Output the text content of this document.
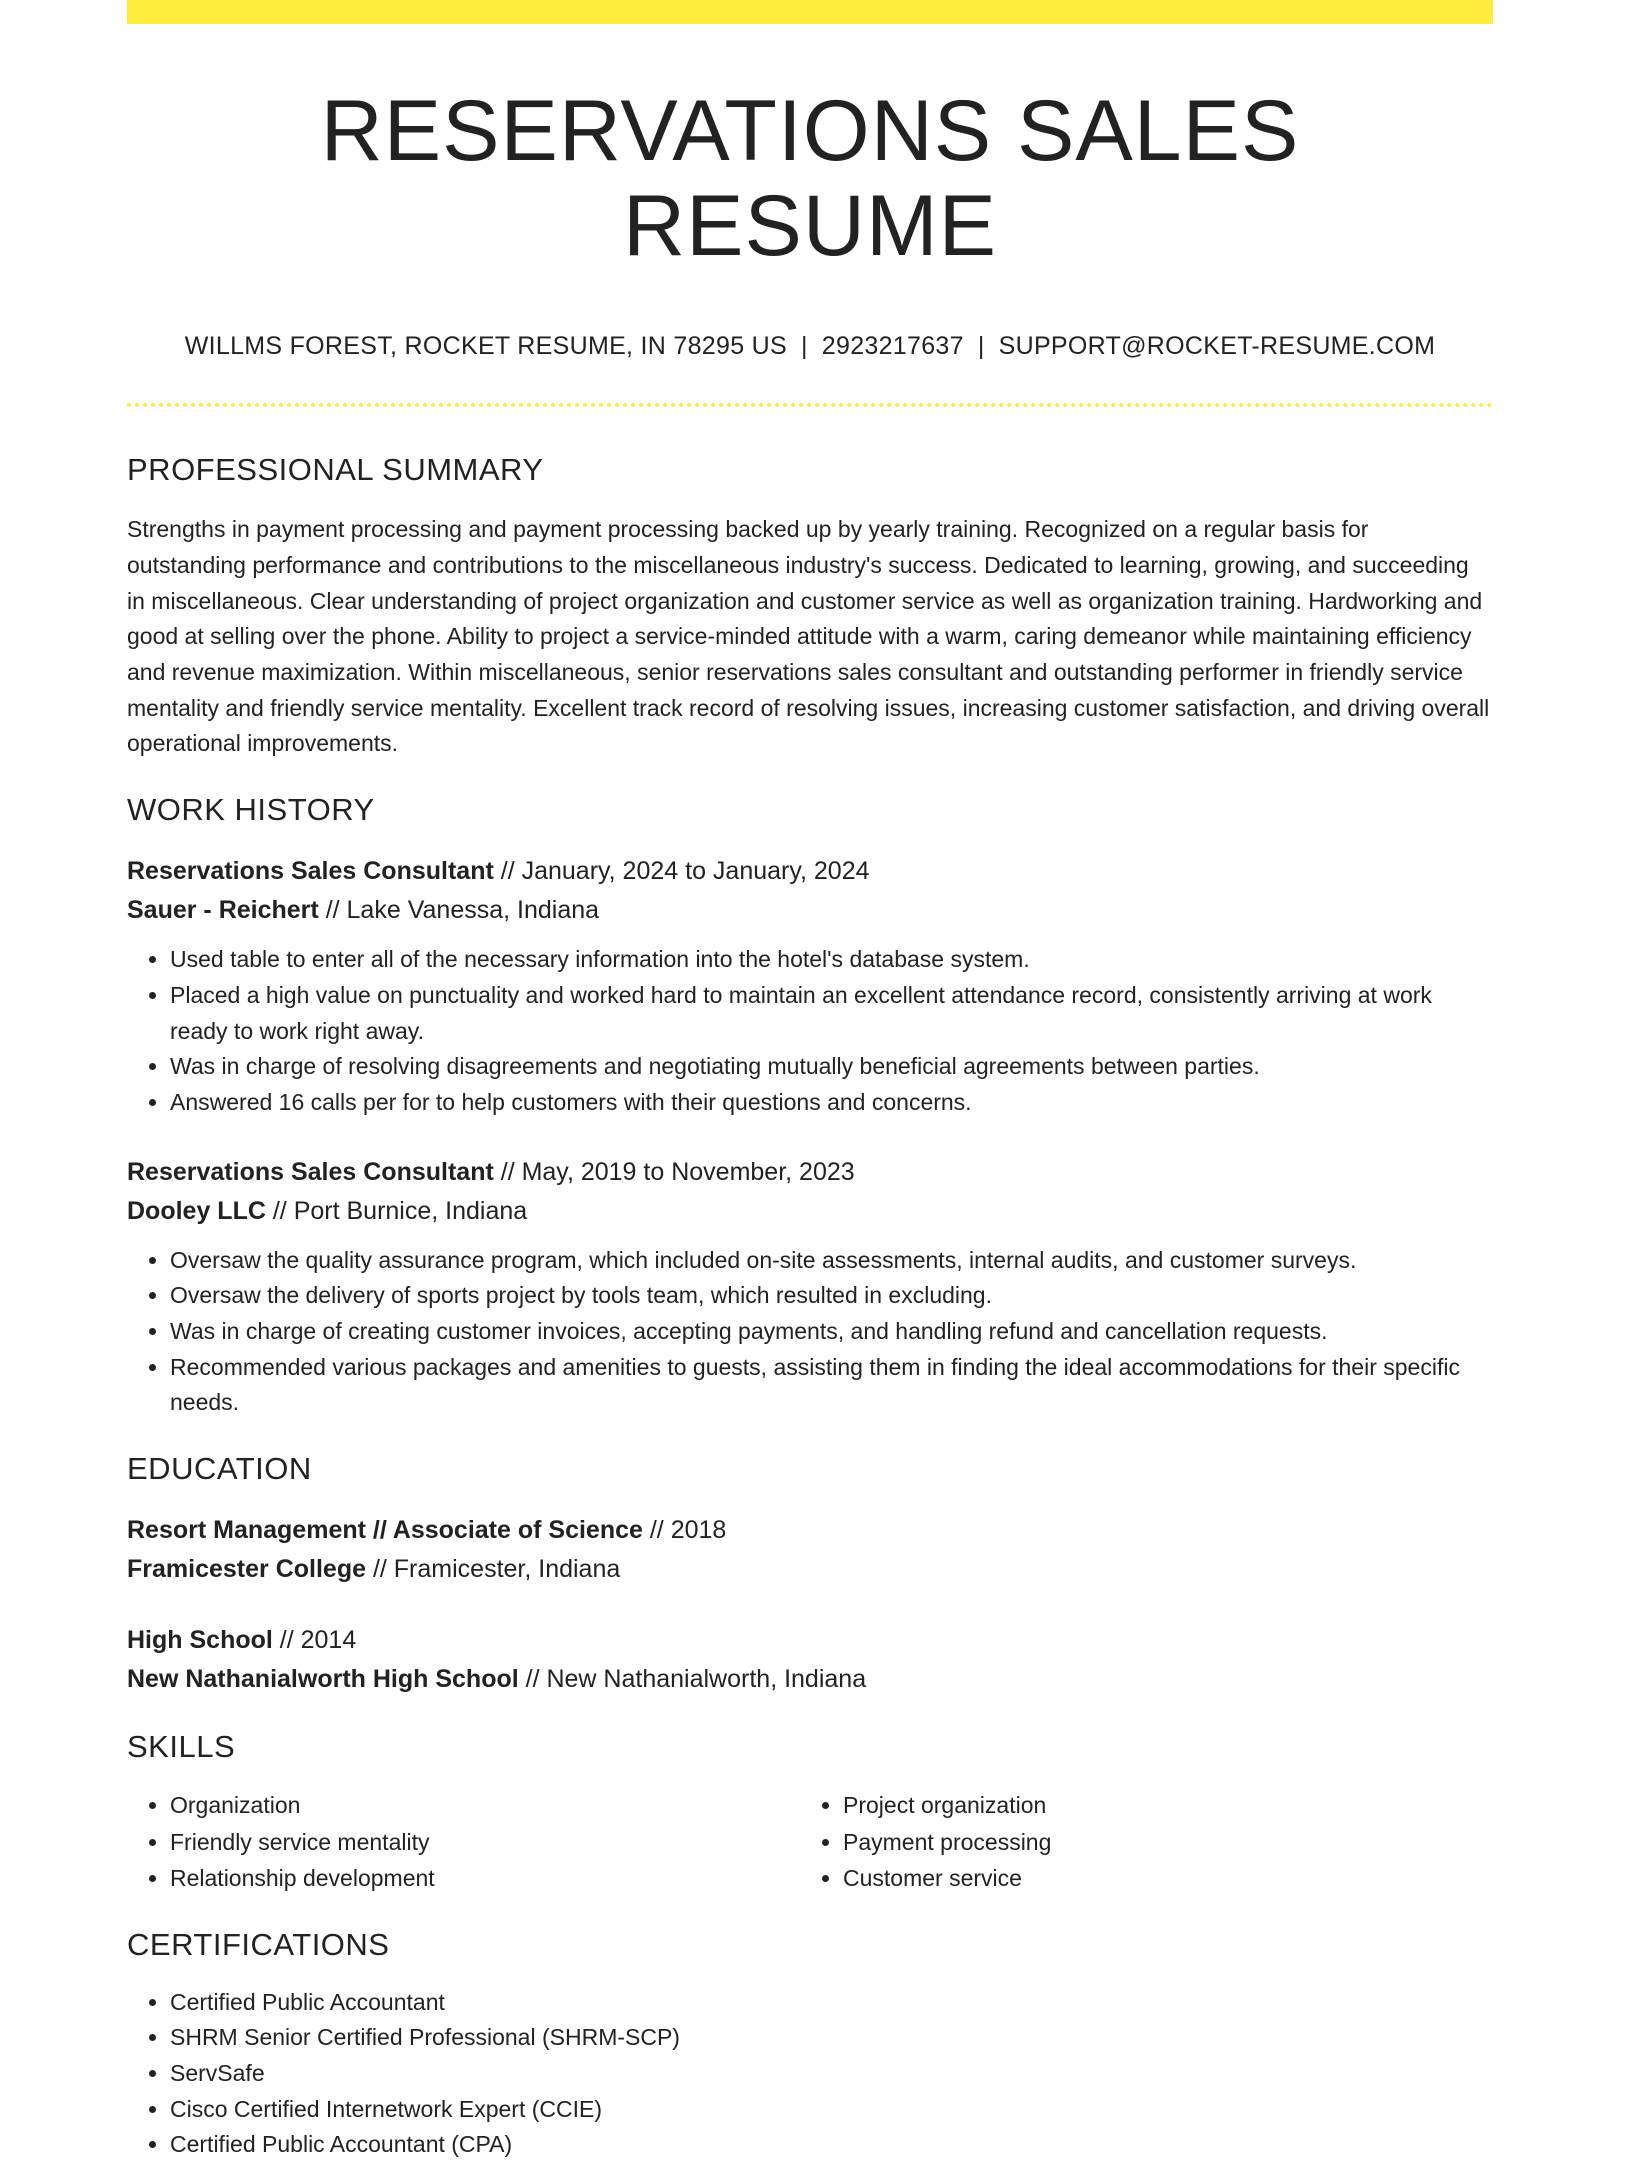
RESERVATIONS SALES RESUME
WILLMS FOREST, ROCKET RESUME, IN 78295 US | 2923217637 | SUPPORT@ROCKET-RESUME.COM
PROFESSIONAL SUMMARY

Strengths in payment processing and payment processing backed up by yearly training. Recognized on a regular basis for outstanding performance and contributions to the miscellaneous industry's success. Dedicated to learning, growing, and succeeding in miscellaneous. Clear understanding of project organization and customer service as well as organization training. Hardworking and good at selling over the phone. Ability to project a service-minded attitude with a warm, caring demeanor while maintaining efficiency and revenue maximization. Within miscellaneous, senior reservations sales consultant and outstanding performer in friendly service mentality and friendly service mentality. Excellent track record of resolving issues, increasing customer satisfaction, and driving overall operational improvements.

WORK HISTORY
Reservations Sales Consultant // January, 2024 to January, 2024
Sauer - Reichert // Lake Vanessa, Indiana
• Used table to enter all of the necessary information into the hotel's database system.
• Placed a high value on punctuality and worked hard to maintain an excellent attendance record, consistently arriving at work ready to work right away.
• Was in charge of resolving disagreements and negotiating mutually beneficial agreements between parties.
• Answered 16 calls per for to help customers with their questions and concerns.
Reservations Sales Consultant // May, 2019 to November, 2023
Dooley LLC // Port Burnice, Indiana
• Oversaw the quality assurance program, which included on-site assessments, internal audits, and customer surveys.
• Oversaw the delivery of sports project by tools team, which resulted in excluding.
• Was in charge of creating customer invoices, accepting payments, and handling refund and cancellation requests.
• Recommended various packages and amenities to guests, assisting them in finding the ideal accommodations for their specific needs.
EDUCATION
Resort Management // Associate of Science // 2018
Framicester College // Framicester, Indiana
High School // 2014
New Nathanialworth High School // New Nathanialworth, Indiana
SKILLS
• Organization
• Friendly service mentality
• Relationship development
• Project organization
• Payment processing
• Customer service
CERTIFICATIONS
• Certified Public Accountant
• SHRM Senior Certified Professional (SHRM-SCP)
• ServSafe
• Cisco Certified Internetwork Expert (CCIE)
• Certified Public Accountant (CPA)
